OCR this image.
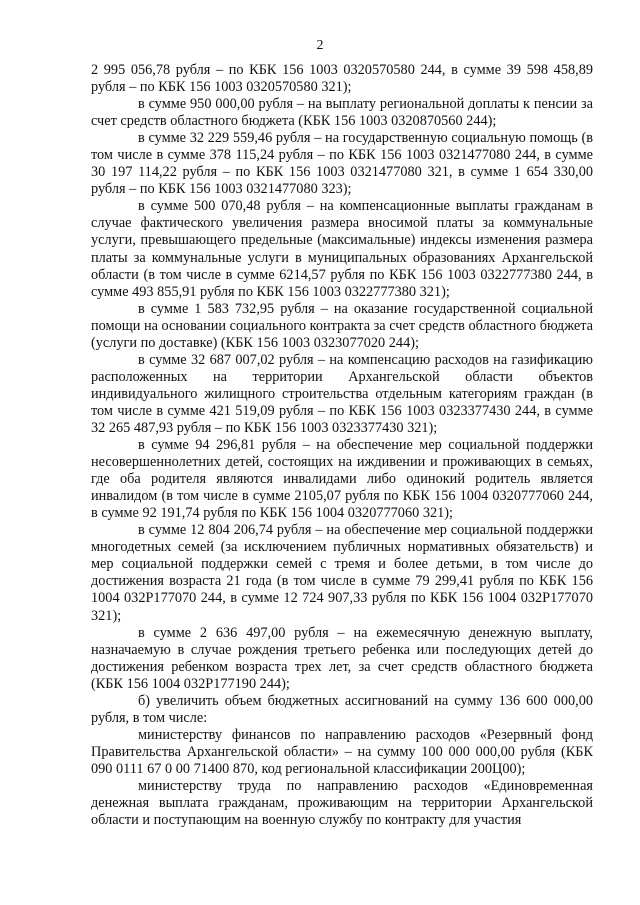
2

2 995 056,78 рубля – по КБК 156 1003 0320570580 244, в сумме 39 598 458,89 рубля – по КБК 156 1003 0320570580 321);

в сумме 950 000,00 рубля – на выплату региональной доплаты к пенсии за счет средств областного бюджета (КБК 156 1003 0320870560 244);

в сумме 32 229 559,46 рубля – на государственную социальную помощь (в том числе в сумме 378 115,24 рубля – по КБК 156 1003 0321477080 244, в сумме 30 197 114,22 рубля – по КБК 156 1003 0321477080 321, в сумме 1 654 330,00 рубля – по КБК 156 1003 0321477080 323);

в сумме 500 070,48 рубля – на компенсационные выплаты гражданам в случае фактического увеличения размера вносимой платы за коммунальные услуги, превышающего предельные (максимальные) индексы изменения размера платы за коммунальные услуги в муниципальных образованиях Архангельской области (в том числе в сумме 6214,57 рубля по КБК 156 1003 0322777380 244, в сумме 493 855,91 рубля по КБК 156 1003 0322777380 321);

в сумме 1 583 732,95 рубля – на оказание государственной социальной помощи на основании социального контракта за счет средств областного бюджета (услуги по доставке) (КБК 156 1003 0323077020 244);

в сумме 32 687 007,02 рубля – на компенсацию расходов на газификацию расположенных на территории Архангельской области объектов индивидуального жилищного строительства отдельным категориям граждан (в том числе в сумме 421 519,09 рубля – по КБК 156 1003 0323377430 244, в сумме 32 265 487,93 рубля – по КБК 156 1003 0323377430 321);

в сумме 94 296,81 рубля – на обеспечение мер социальной поддержки несовершеннолетних детей, состоящих на иждивении и проживающих в семьях, где оба родителя являются инвалидами либо одинокий родитель является инвалидом (в том числе в сумме 2105,07 рубля по КБК 156 1004 0320777060 244, в сумме 92 191,74 рубля по КБК 156 1004 0320777060 321);

в сумме 12 804 206,74 рубля – на обеспечение мер социальной поддержки многодетных семей (за исключением публичных нормативных обязательств) и мер социальной поддержки семей с тремя и более детьми, в том числе до достижения возраста 21 года (в том числе в сумме 79 299,41 рубля по КБК 156 1004 032P177070 244, в сумме 12 724 907,33 рубля по КБК 156 1004 032P177070 321);

в сумме 2 636 497,00 рубля – на ежемесячную денежную выплату, назначаемую в случае рождения третьего ребенка или последующих детей до достижения ребенком возраста трех лет, за счет средств областного бюджета (КБК 156 1004 032P177190 244);

б) увеличить объем бюджетных ассигнований на сумму 136 600 000,00 рубля, в том числе:

министерству финансов по направлению расходов «Резервный фонд Правительства Архангельской области» – на сумму 100 000 000,00 рубля (КБК 090 0111 67 0 00 71400 870, код региональной классификации 200Ц00);

министерству труда по направлению расходов «Единовременная денежная выплата гражданам, проживающим на территории Архангельской области и поступающим на военную службу по контракту для участия
